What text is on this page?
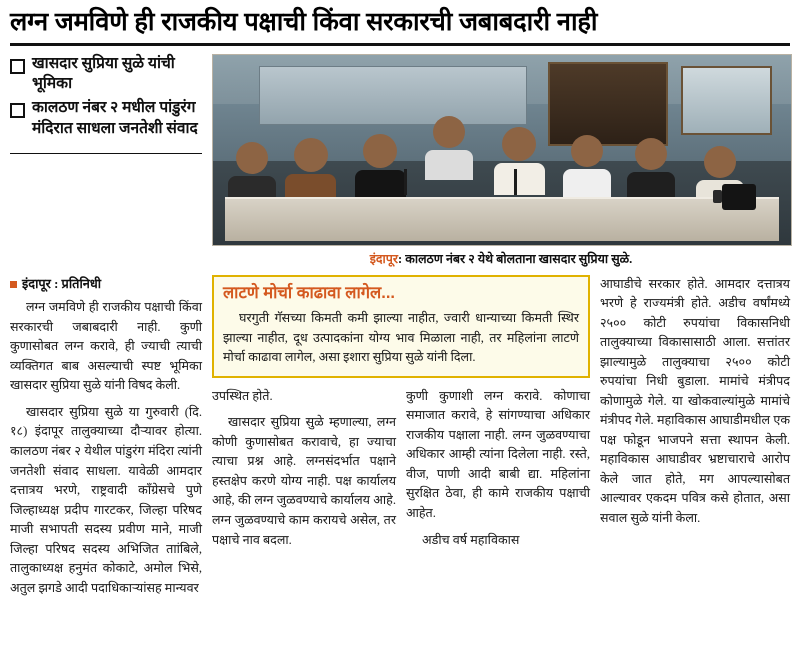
लग्न जमविणे ही राजकीय पक्षाची किंवा सरकारची जबाबदारी नाही
खासदार सुप्रिया सुळे यांची भूमिका
कालठण नंबर २ मधील पांडुरंग मंदिरात साधला जनतेशी संवाद
इंदापूर: कालठण नंबर २ येथे बोलताना खासदार सुप्रिया सुळे.
इंदापूर : प्रतिनिधी

लग्न जमविणे ही राजकीय पक्षाची किंवा सरकारची जबाबदारी नाही. कुणी कुणासोबत लग्न करावे, ही ज्याची त्याची व्यक्तिगत बाब असल्याची स्पष्ट भूमिका खासदार सुप्रिया सुळे यांनी विषद केली.

खासदार सुप्रिया सुळे या गुरुवारी (दि. १८) इंदापूर तालुक्याच्या दौऱ्यावर होत्या. कालठण नंबर २ येथील पांडुरंग मंदिरा त्यांनी जनतेशी संवाद साधला. यावेळी आमदार दत्तात्रय भरणे, राष्ट्रवादी काँग्रेसचे पुणे जिल्हाध्यक्ष प्रदीप गारटकर, जिल्हा परिषद माजी सभापती सदस्य प्रवीण माने, माजी जिल्हा परिषद सदस्य अभिजित ताांबिले, तालुकाध्यक्ष हनुमंत कोकाटे, अमोल भिसे, अतुल झगडे आदी पदाधिकाऱ्यांसह मान्यवर

लाटणे मोर्चा काढावा लागेल...
घरगुती गॅसच्या किमती कमी झाल्या नाहीत, ज्वारी धान्याच्या किमती स्थिर झाल्या नाहीत, दूध उत्पादकांना योग्य भाव मिळाला नाही, तर महिलांना लाटणे मोर्चा काढावा लागेल, असा इशारा सुप्रिया सुळे यांनी दिला.

उपस्थित होते.

खासदार सुप्रिया सुळे म्हणाल्या, लग्न कोणी कुणासोबत करावाचे, हा ज्याचा त्याचा प्रश्न आहे. लग्नसंदर्भात पक्षाने हस्तक्षेप करणे योग्य नाही. पक्ष कार्यालय आहे, की लग्न जुळवण्याचे कार्यालय आहे. लग्न जुळवण्याचे काम करायचे असेल, तर पक्षाचे नाव बदला.

कुणी कुणाशी लग्न करावे. कोणाचा समाजात करावे, हे सांगण्याचा अधिकार राजकीय पक्षाला नाही. लग्न जुळवण्याचा अधिकार आम्ही त्यांना दिलेला नाही. रस्ते, वीज, पाणी आदी बाबी द्या. महिलांना सुरक्षित ठेवा, ही कामे राजकीय पक्षाची आहेत.

अडीच वर्ष महाविकास

आघाडीचे सरकार होते. आमदार दत्तात्रय भरणे हे राज्यमंत्री होते. अडीच वर्षांमध्ये २५०० कोटी रुपयांचा विकासनिधी तालुक्याच्या विकासासाठी आला. सत्तांतर झाल्यामुळे तालुक्याचा २५०० कोटी रुपयांचा निधी बुडाला. मामांचे मंत्रीपद कोणामुळे गेले. या खोकवाल्यांमुळे मामांचे मंत्रीपद गेले. महाविकास आघाडीमधील एक पक्ष फोडून भाजपने सत्ता स्थापन केली. महाविकास आघाडीवर भ्रष्टाचाराचे आरोप केले जात होते, मग आपल्यासोबत आल्यावर एकदम पवित्र कसे होतात, असा सवाल सुळे यांनी केला.
